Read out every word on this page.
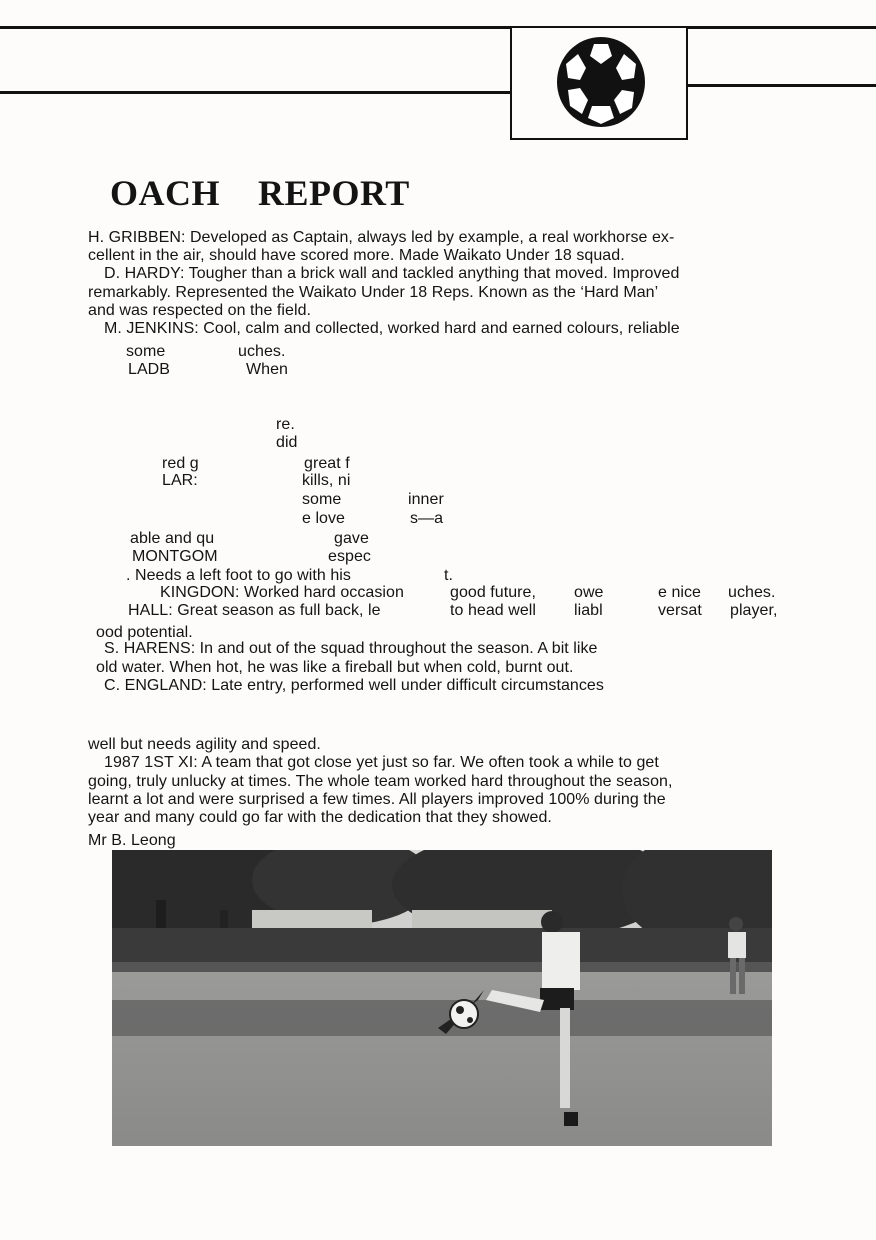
OACH    REPORT
H. GRIBBEN: Developed as Captain, always led by example, a real workhorse ex-
cellent in the air, should have scored more. Made Waikato Under 18 squad.
D. HARDY: Tougher than a brick wall and tackled anything that moved. Improved
remarkably. Represented the Waikato Under 18 Reps. Known as the ‘Hard Man’
and was respected on the field.
M. JENKINS: Cool, calm and collected, worked hard and earned colours, reliable
some	uches.
LADB	When
re.
did
red g	great f
LAR:	kills, ni
some	inner
e love	s—a
able and qu	gave
MONTGOM	espec
. Needs a left foot to go with his	t.
KINGDON: Worked hard occasion	good future, owe	e nice uches.
HALL: Great season as full back, le	to head well liabl	versat player,
ood potential.
S. HARENS: In and out of the squad throughout the season. A bit like
old water. When hot, he was like a fireball but when cold, burnt out.
C. ENGLAND: Late entry, performed well under difficult circumstances
well but needs agility and speed.
1987 1ST XI: A team that got close yet just so far. We often took a while to get
going, truly unlucky at times. The whole team worked hard throughout the season,
learnt a lot and were surprised a few times. All players improved 100% during the
year and many could go far with the dedication that they showed.
Mr B. Leong
